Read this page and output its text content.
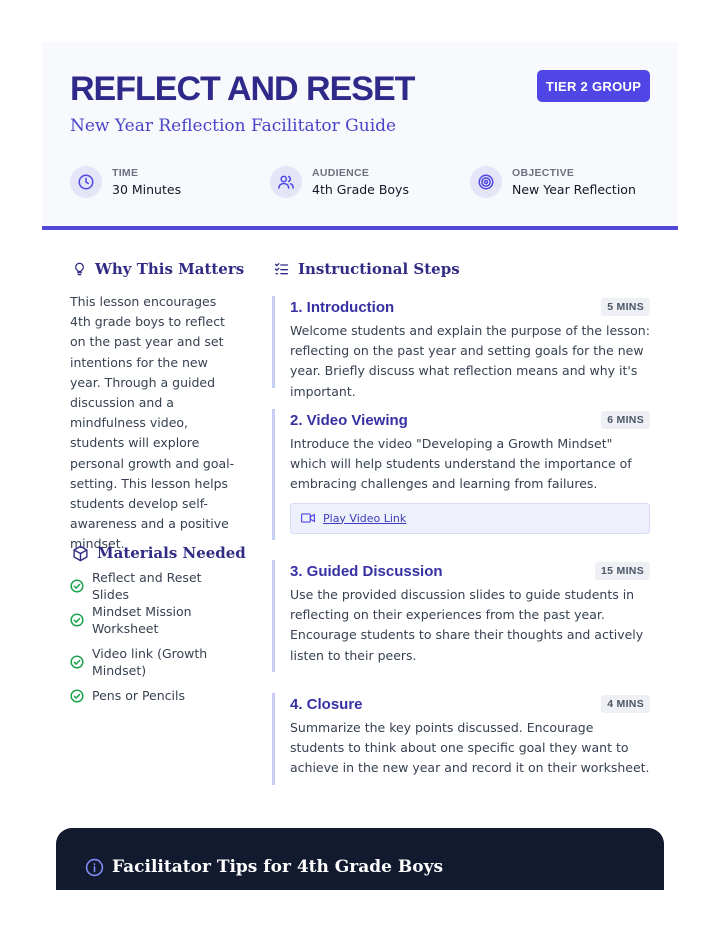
REFLECT AND RESET
New Year Reflection Facilitator Guide
TIER 2 GROUP
TIME
30 Minutes
AUDIENCE
4th Grade Boys
OBJECTIVE
New Year Reflection
Why This Matters
This lesson encourages 4th grade boys to reflect on the past year and set intentions for the new year. Through a guided discussion and a mindfulness video, students will explore personal growth and goal-setting. This lesson helps students develop self-awareness and a positive mindset.
Materials Needed
Reflect and Reset Slides
Mindset Mission Worksheet
Video link (Growth Mindset)
Pens or Pencils
Instructional Steps
1. Introduction	5 MINS
Welcome students and explain the purpose of the lesson: reflecting on the past year and setting goals for the new year. Briefly discuss what reflection means and why it's important.
2. Video Viewing	6 MINS
Introduce the video "Developing a Growth Mindset" which will help students understand the importance of embracing challenges and learning from failures.
Play Video Link
3. Guided Discussion	15 MINS
Use the provided discussion slides to guide students in reflecting on their experiences from the past year. Encourage students to share their thoughts and actively listen to their peers.
4. Closure	4 MINS
Summarize the key points discussed. Encourage students to think about one specific goal they want to achieve in the new year and record it on their worksheet.
Facilitator Tips for 4th Grade Boys
